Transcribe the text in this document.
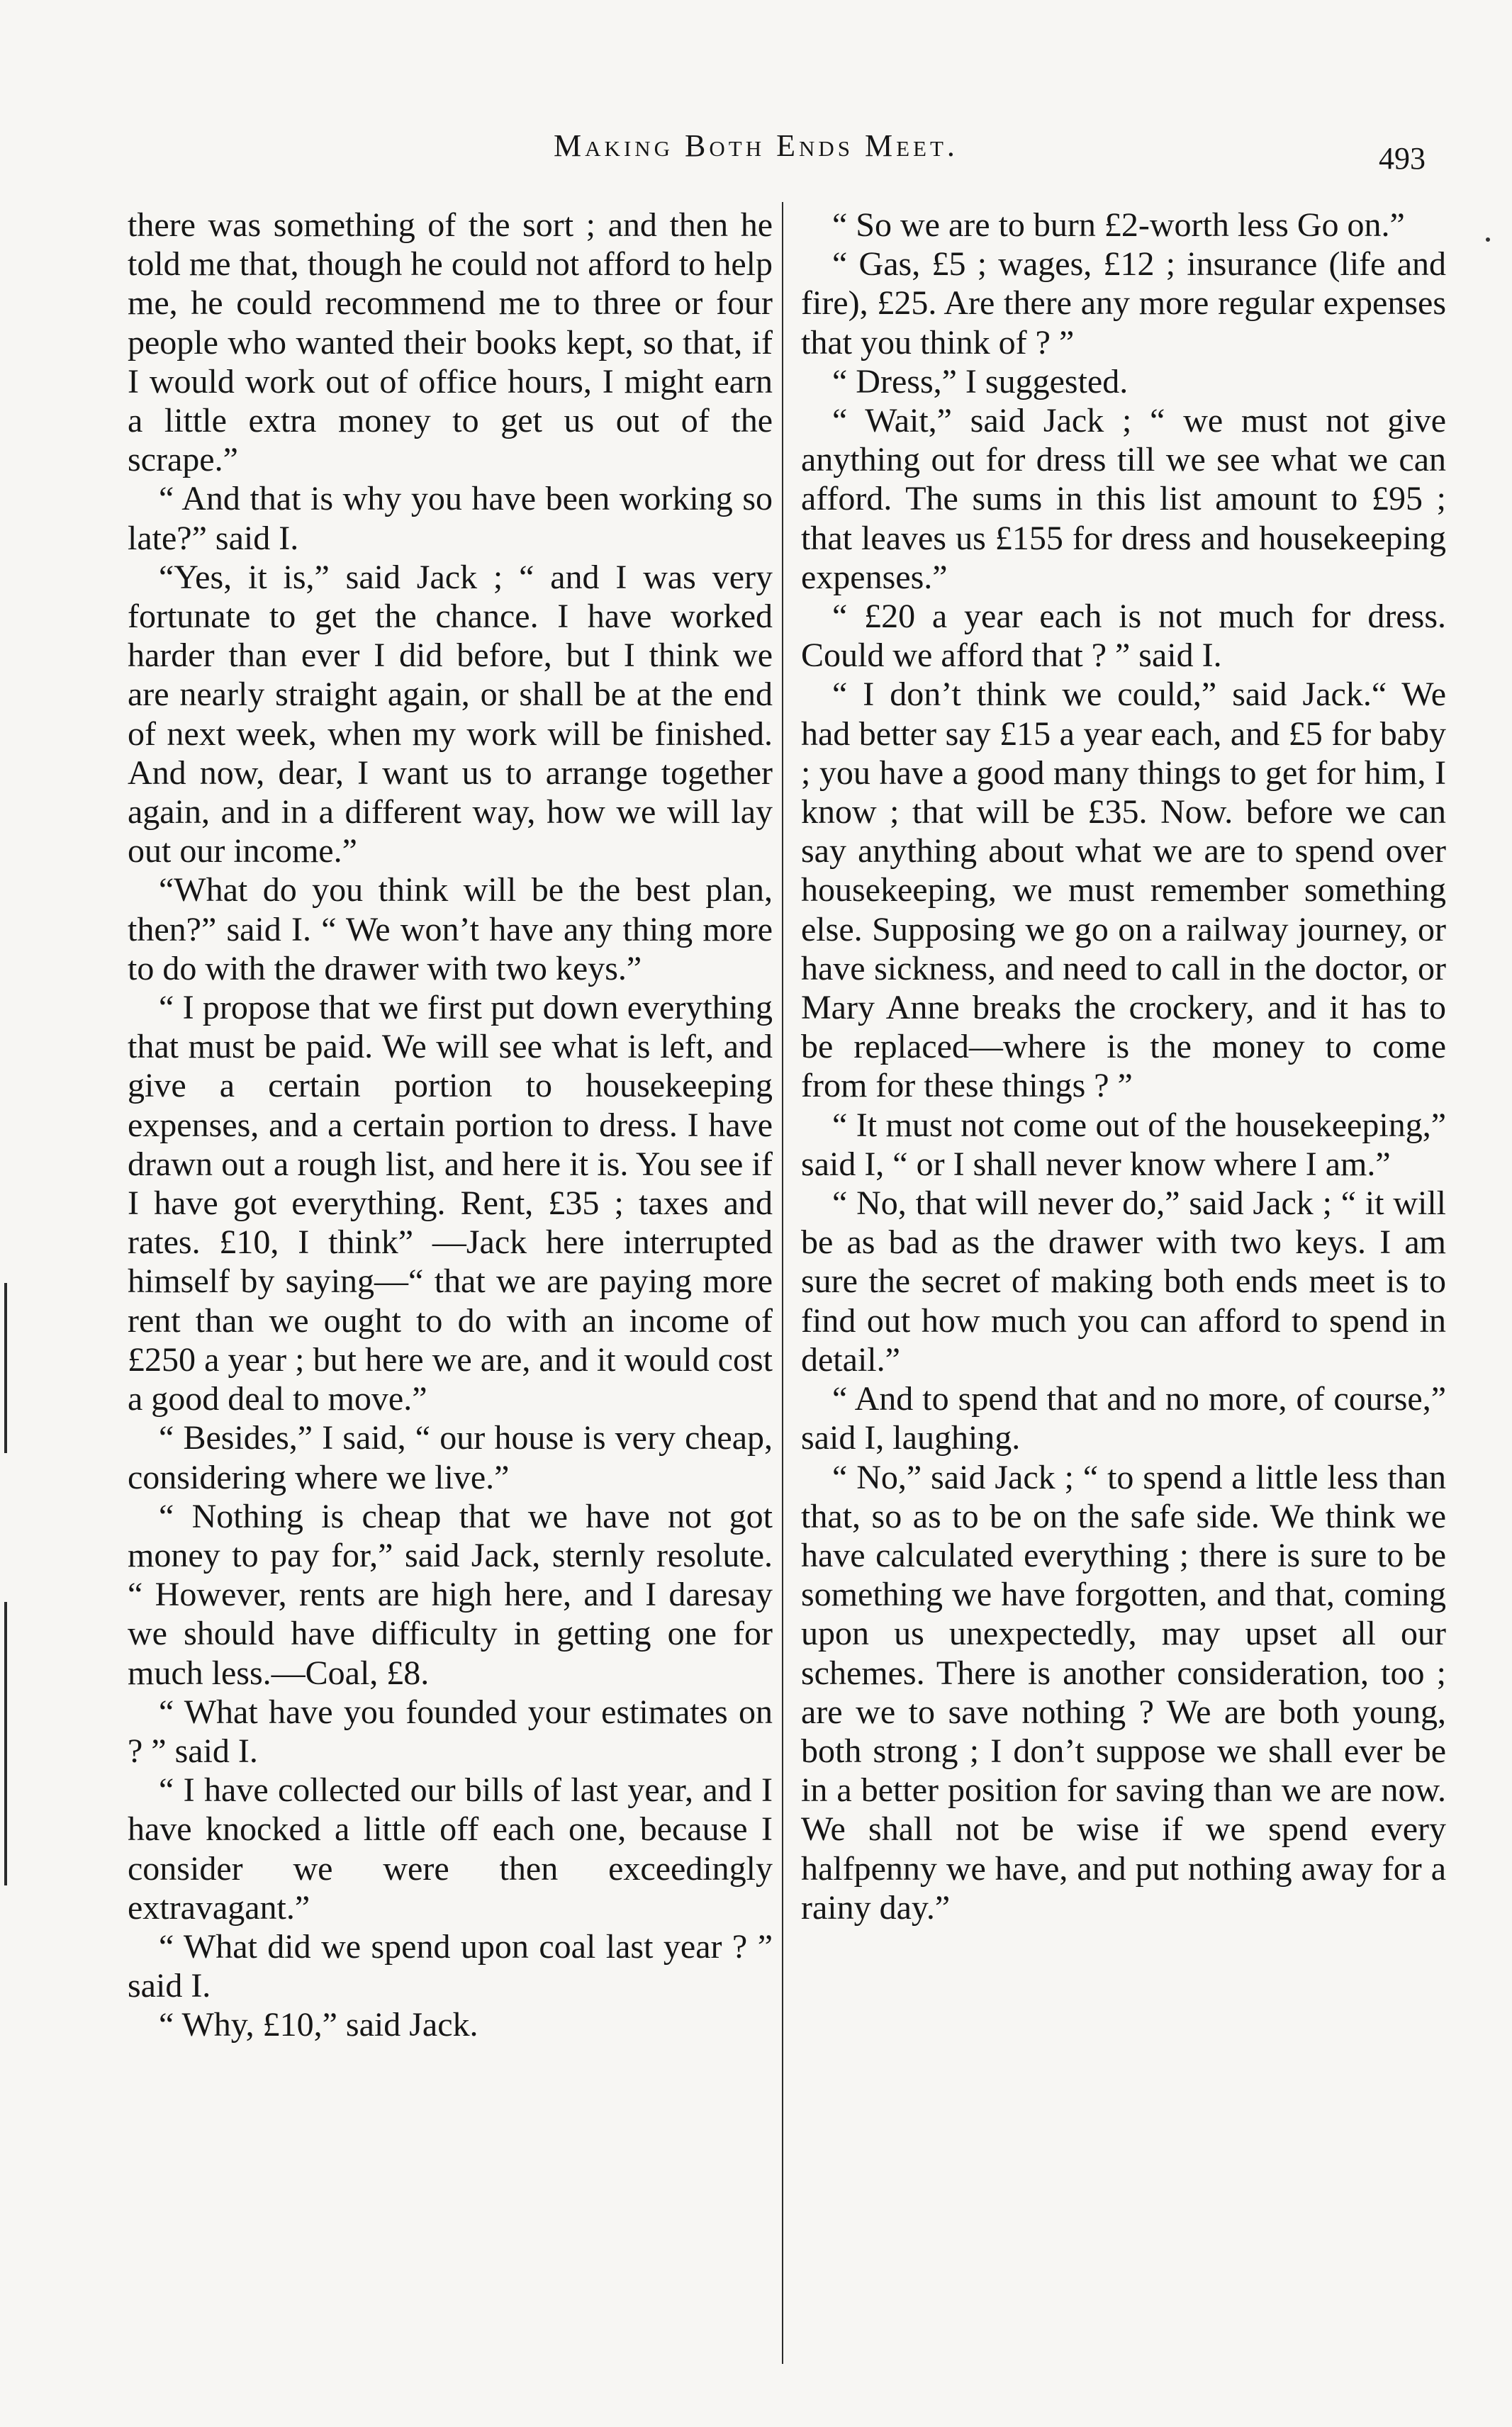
Making Both Ends Meet.	493

there was something of the sort ; and then he told me that, though he could not afford to help me, he could recommend me to three or four people who wanted their books kept, so that, if I would work out of office hours, I might earn a little extra money to get us out of the scrape.”

“ And that is why you have been working so late?” said I.

“Yes, it is,” said Jack ; “ and I was very fortunate to get the chance. I have worked harder than ever I did before, but I think we are nearly straight again, or shall be at the end of next week, when my work will be finished. And now, dear, I want us to arrange together again, and in a different way, how we will lay out our income.”

“What do you think will be the best plan, then?” said I. “ We won’t have any thing more to do with the drawer with two keys.”

“ I propose that we first put down everything that must be paid. We will see what is left, and give a certain portion to housekeeping expenses, and a certain portion to dress. I have drawn out a rough list, and here it is. You see if I have got everything. Rent, £35 ; taxes and rates. £10, I think” —Jack here interrupted himself by saying—“ that we are paying more rent than we ought to do with an income of £250 a year ; but here we are, and it would cost a good deal to move.”

“ Besides,” I said, “ our house is very cheap, considering where we live.”

“ Nothing is cheap that we have not got money to pay for,” said Jack, sternly resolute. “ However, rents are high here, and I daresay we should have difficulty in getting one for much less.—Coal, £8.

“ What have you founded your estimates on ? ” said I.

“ I have collected our bills of last year, and I have knocked a little off each one, because I consider we were then exceedingly extravagant.”

“ What did we spend upon coal last year ? ” said I.

“ Why, £10,” said Jack.

“ So we are to burn £2-worth less Go on.”

“ Gas, £5 ; wages, £12 ; insurance (life and fire), £25. Are there any more regular expenses that you think of ? ”

“ Dress,” I suggested.

“ Wait,” said Jack ; “ we must not give anything out for dress till we see what we can afford. The sums in this list amount to £95 ; that leaves us £155 for dress and housekeeping expenses.”

“ £20 a year each is not much for dress. Could we afford that ? ” said I.

“ I don’t think we could,” said Jack.“ We had better say £15 a year each, and £5 for baby ; you have a good many things to get for him, I know ; that will be £35. Now. before we can say anything about what we are to spend over housekeeping, we must remember something else. Supposing we go on a railway journey, or have sickness, and need to call in the doctor, or Mary Anne breaks the crockery, and it has to be replaced—where is the money to come from for these things ? ”

“ It must not come out of the housekeeping,” said I, “ or I shall never know where I am.”

“ No, that will never do,” said Jack ; “ it will be as bad as the drawer with two keys. I am sure the secret of making both ends meet is to find out how much you can afford to spend in detail.”

“ And to spend that and no more, of course,” said I, laughing.

“ No,” said Jack ; “ to spend a little less than that, so as to be on the safe side. We think we have calculated everything ; there is sure to be something we have forgotten, and that, coming upon us unexpectedly, may upset all our schemes. There is another consideration, too ; are we to save nothing ? We are both young, both strong ; I don’t suppose we shall ever be in a better position for saving than we are now. We shall not be wise if we spend every halfpenny we have, and put nothing away for a rainy day.”
